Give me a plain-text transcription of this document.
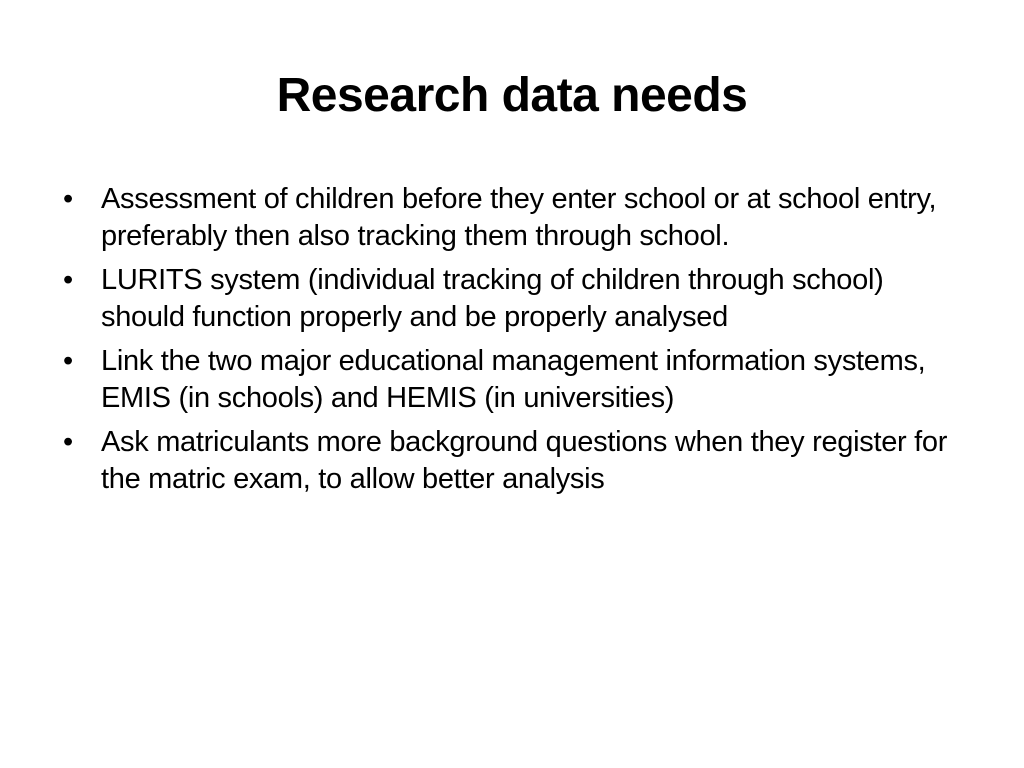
Research data needs
• Assessment of children before they enter school or at school entry, preferably then also tracking them through school.
• LURITS system (individual tracking of children through school) should function properly and be properly analysed
• Link the two major educational management information systems, EMIS (in schools) and HEMIS (in universities)
• Ask matriculants more background questions when they register for the matric exam, to allow better analysis
